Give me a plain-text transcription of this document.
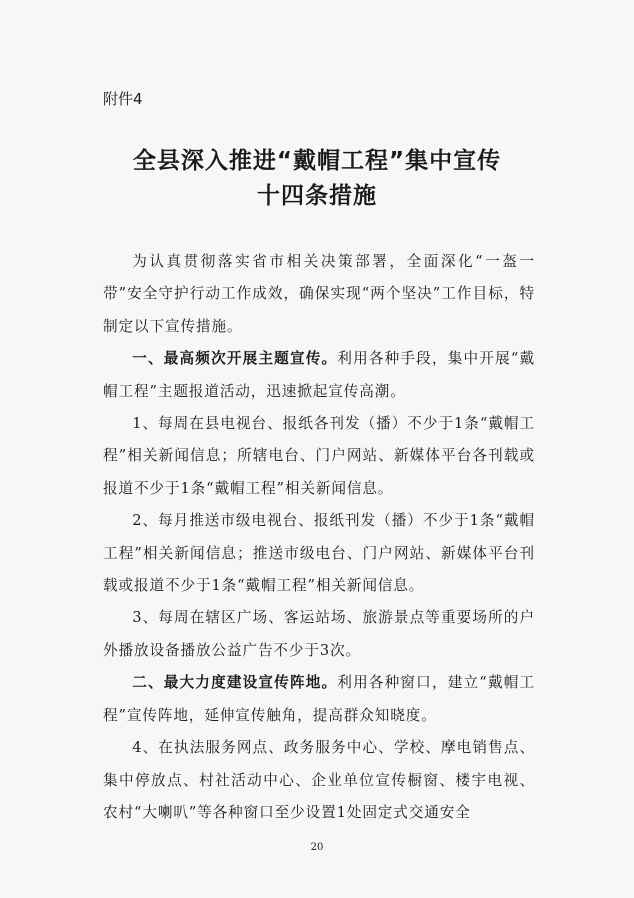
附件4
全县深入推进“戴帽工程”集中宣传
十四条措施

为认真贯彻落实省市相关决策部署，全面深化“一盔一带”安全守护行动工作成效，确保实现“两个坚决”工作目标，特制定以下宣传措施。

一、最高频次开展主题宣传。利用各种手段，集中开展“戴帽工程”主题报道活动，迅速掀起宣传高潮。

1、每周在县电视台、报纸各刊发（播）不少于1条“戴帽工程”相关新闻信息；所辖电台、门户网站、新媒体平台各刊载或报道不少于1条“戴帽工程”相关新闻信息。

2、每月推送市级电视台、报纸刊发（播）不少于1条“戴帽工程”相关新闻信息；推送市级电台、门户网站、新媒体平台刊载或报道不少于1条“戴帽工程”相关新闻信息。

3、每周在辖区广场、客运站场、旅游景点等重要场所的户外播放设备播放公益广告不少于3次。

二、最大力度建设宣传阵地。利用各种窗口，建立“戴帽工程”宣传阵地，延伸宣传触角，提高群众知晓度。

4、在执法服务网点、政务服务中心、学校、摩电销售点、集中停放点、村社活动中心、企业单位宣传橱窗、楼宇电视、农村“大喇叭”等各种窗口至少设置1处固定式交通安全

20
